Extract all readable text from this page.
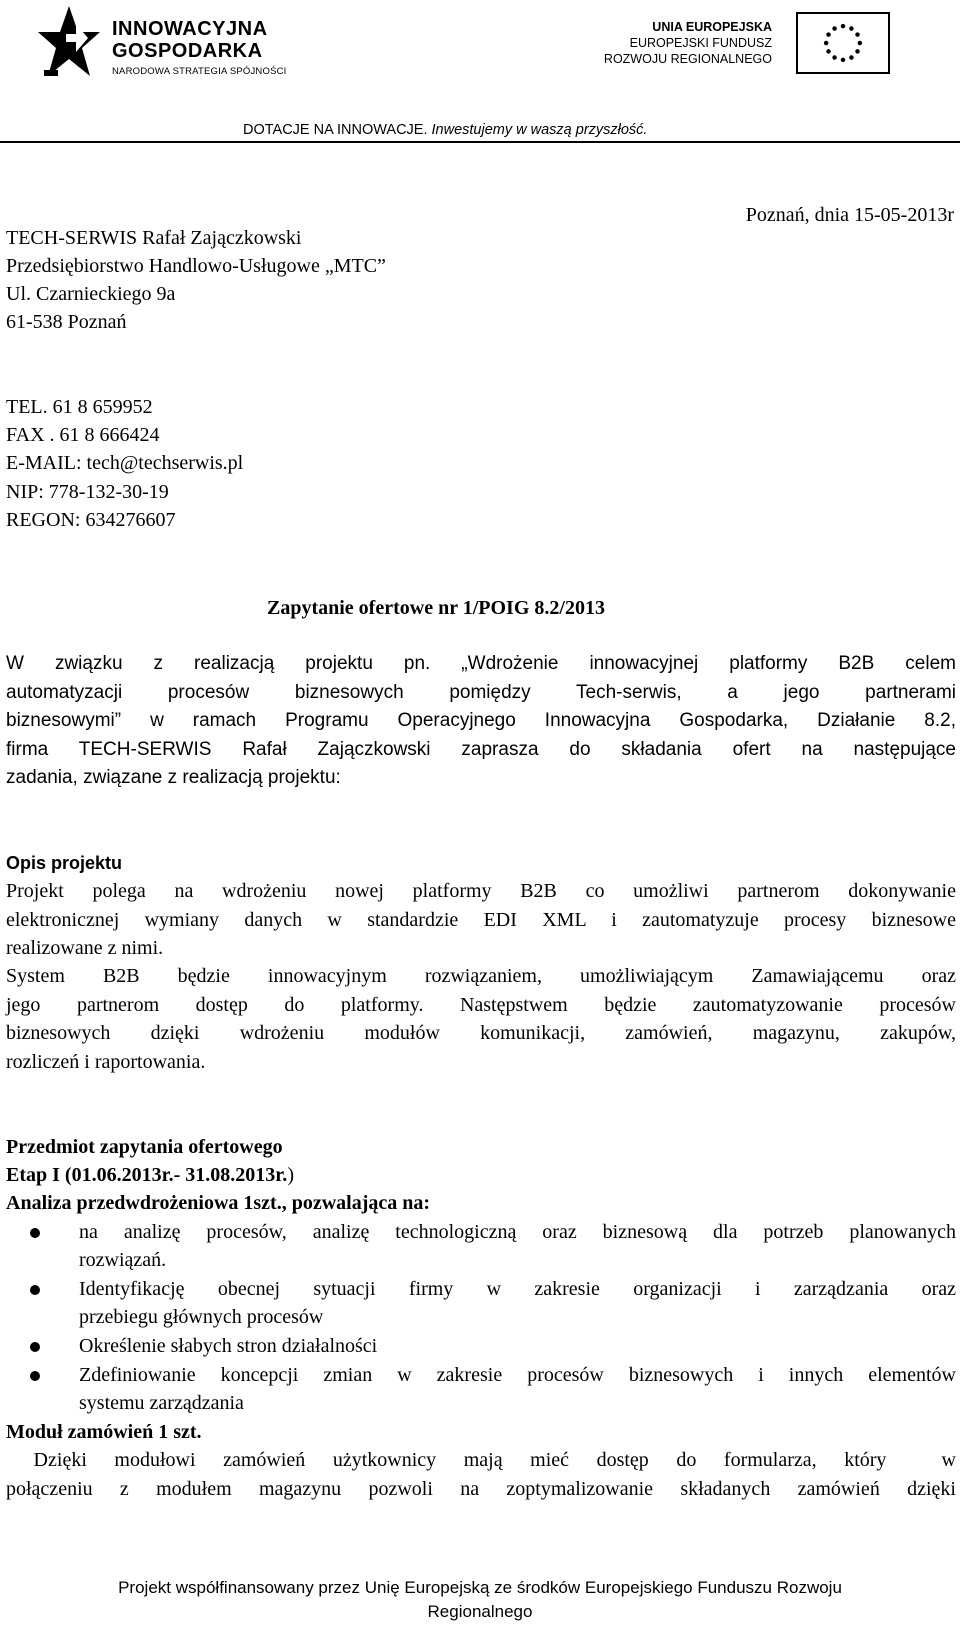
INNOWACYJNA
GOSPODARKA
NARODOWA STRATEGIA SPÓJNOŚCI
UNIA EUROPEJSKA
EUROPEJSKI FUNDUSZ
ROZWOJU REGIONALNEGO
DOTACJE NA INNOWACJE. Inwestujemy w waszą przyszłość.
Poznań, dnia 15-05-2013r
TECH-SERWIS Rafał Zajączkowski
Przedsiębiorstwo Handlowo-Usługowe „MTC”
Ul. Czarnieckiego 9a
61-538 Poznań
TEL. 61 8 659952
FAX . 61 8 666424
E-MAIL: tech@techserwis.pl
NIP: 778-132-30-19
REGON: 634276607
Zapytanie ofertowe nr 1/POIG 8.2/2013
W związku z realizacją projektu pn. „Wdrożenie innowacyjnej platformy B2B celem
automatyzacji procesów biznesowych pomiędzy Tech-serwis, a jego partnerami
biznesowymi” w ramach Programu Operacyjnego Innowacyjna Gospodarka, Działanie 8.2,
firma TECH-SERWIS Rafał Zajączkowski zaprasza do składania ofert na następujące
zadania, związane z realizacją projektu:
Opis projektu
Projekt polega na wdrożeniu nowej platformy B2B co umożliwi partnerom dokonywanie
elektronicznej wymiany danych w standardzie EDI XML i zautomatyzuje procesy biznesowe
realizowane z nimi.
System B2B będzie innowacyjnym rozwiązaniem, umożliwiającym Zamawiającemu oraz
jego partnerom dostęp do platformy. Następstwem będzie zautomatyzowanie procesów
biznesowych dzięki wdrożeniu modułów komunikacji, zamówień, magazynu, zakupów,
rozliczeń i raportowania.
Przedmiot zapytania ofertowego
Etap I (01.06.2013r.- 31.08.2013r.)
Analiza przedwdrożeniowa 1szt., pozwalająca na:
na analizę procesów, analizę technologiczną oraz biznesową dla potrzeb planowanych
rozwiązań.
Identyfikację obecnej sytuacji firmy w zakresie organizacji i zarządzania oraz
przebiegu głównych procesów
Określenie słabych stron działalności
Zdefiniowanie koncepcji zmian w zakresie procesów biznesowych i innych elementów
systemu zarządzania
Moduł zamówień 1 szt.
Dzięki modułowi zamówień użytkownicy mają mieć dostęp do formularza, który  w
połączeniu z modułem magazynu pozwoli na zoptymalizowanie składanych zamówień dzięki
Projekt współfinansowany przez Unię Europejską ze środków Europejskiego Funduszu Rozwoju
Regionalnego
